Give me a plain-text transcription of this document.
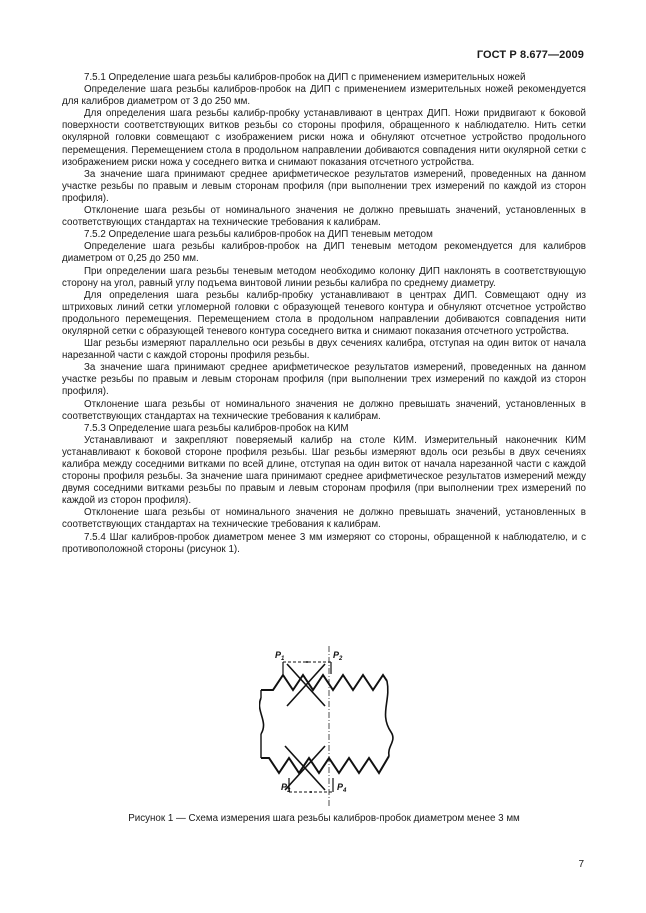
ГОСТ Р 8.677—2009

7.5.1 Определение шага резьбы калибров-пробок на ДИП с применением измерительных ножей

Определение шага резьбы калибров-пробок на ДИП с применением измерительных ножей рекомендуется для калибров диаметром от 3 до 250 мм.

Для определения шага резьбы калибр-пробку устанавливают в центрах ДИП. Ножи придвигают к боковой поверхности соответствующих витков резьбы со стороны профиля, обращенного к наблюдателю. Нить сетки окулярной головки совмещают с изображением риски ножа и обнуляют отсчетное устройство продольного перемещения. Перемещением стола в продольном направлении добиваются совпадения нити окулярной сетки с изображением риски ножа у соседнего витка и снимают показания отсчетного устройства.

За значение шага принимают среднее арифметическое результатов измерений, проведенных на данном участке резьбы по правым и левым сторонам профиля (при выполнении трех измерений по каждой из сторон профиля).

Отклонение шага резьбы от номинального значения не должно превышать значений, установленных в соответствующих стандартах на технические требования к калибрам.

7.5.2 Определение шага резьбы калибров-пробок на ДИП теневым методом

Определение шага резьбы калибров-пробок на ДИП теневым методом рекомендуется для калибров диаметром от 0,25 до 250 мм.

При определении шага резьбы теневым методом необходимо колонку ДИП наклонять в соответствующую сторону на угол, равный углу подъема винтовой линии резьбы калибра по среднему диаметру.

Для определения шага резьбы калибр-пробку устанавливают в центрах ДИП. Совмещают одну из штриховых линий сетки угломерной головки с образующей теневого контура и обнуляют отсчетное устройство продольного перемещения. Перемещением стола в продольном направлении добиваются совпадения нити окулярной сетки с образующей теневого контура соседнего витка и снимают показания отсчетного устройства.

Шаг резьбы измеряют параллельно оси резьбы в двух сечениях калибра, отступая на один виток от начала нарезанной части с каждой стороны профиля резьбы.

За значение шага принимают среднее арифметическое результатов измерений, проведенных на данном участке резьбы по правым и левым сторонам профиля (при выполнении трех измерений по каждой из сторон профиля).

Отклонение шага резьбы от номинального значения не должно превышать значений, установленных в соответствующих стандартах на технические требования к калибрам.

7.5.3 Определение шага резьбы калибров-пробок на КИМ

Устанавливают и закрепляют поверяемый калибр на столе КИМ. Измерительный наконечник КИМ устанавливают к боковой стороне профиля резьбы. Шаг резьбы измеряют вдоль оси резьбы в двух сечениях калибра между соседними витками по всей длине, отступая на один виток от начала нарезанной части с каждой стороны профиля резьбы. За значение шага принимают среднее арифметическое результатов измерений между двумя соседними витками резьбы по правым и левым сторонам профиля (при выполнении трех измерений по каждой из сторон профиля).

Отклонение шага резьбы от номинального значения не должно превышать значений, установленных в соответствующих стандартах на технические требования к калибрам.

7.5.4 Шаг калибров-пробок диаметром менее 3 мм измеряют со стороны, обращенной к наблюдателю, и с противоположной стороны (рисунок 1).

$P_1$	$P_2$
$P_3$	$P_4$
Рисунок 1 — Схема измерения шага резьбы калибров-пробок диаметром менее 3 мм
7
